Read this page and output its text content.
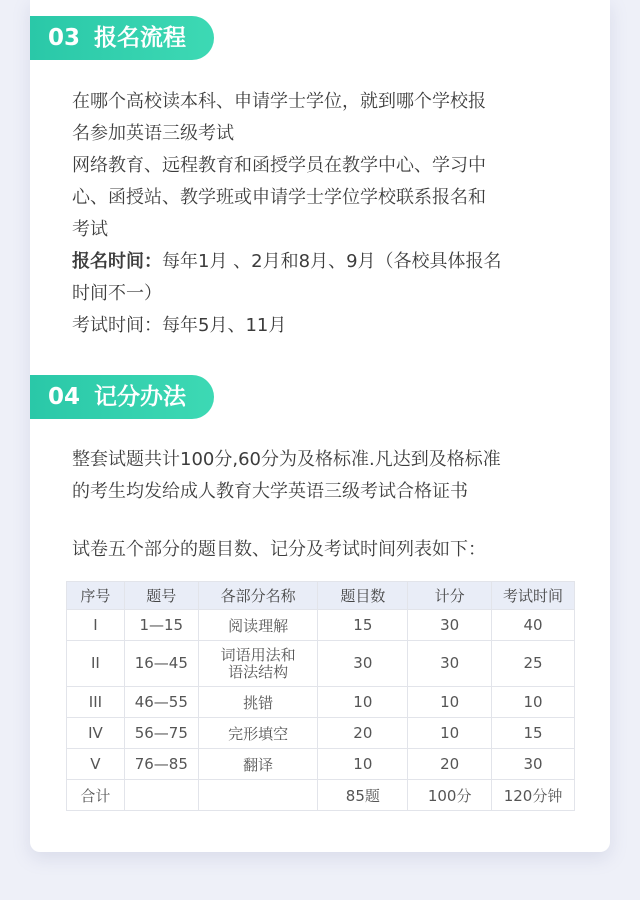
03 报名流程

在哪个高校读本科、申请学士学位，就到哪个学校报

名参加英语三级考试

网络教育、远程教育和函授学员在教学中心、学习中

心、函授站、教学班或申请学士学位学校联系报名和

考试

报名时间：每年1月 、2月和8月、9月（各校具体报名

时间不一）

考试时间：每年5月、11月

04 记分办法

整套试题共计100分,60分为及格标准.凡达到及格标准

的考生均发给成人教育大学英语三级考试合格证书

试卷五个部分的题目数、记分及考试时间列表如下：

序号	题号	各部分名称	题目数	计分	考试时间
I	1—15	阅读理解	15	30	40
II	16—45	词语用法和
语法结构	30	30	25
III	46—55	挑错	10	10	10
IV	56—75	完形填空	20	10	15
V	76—85	翻译	10	20	30
合计			85题	100分	120分钟
